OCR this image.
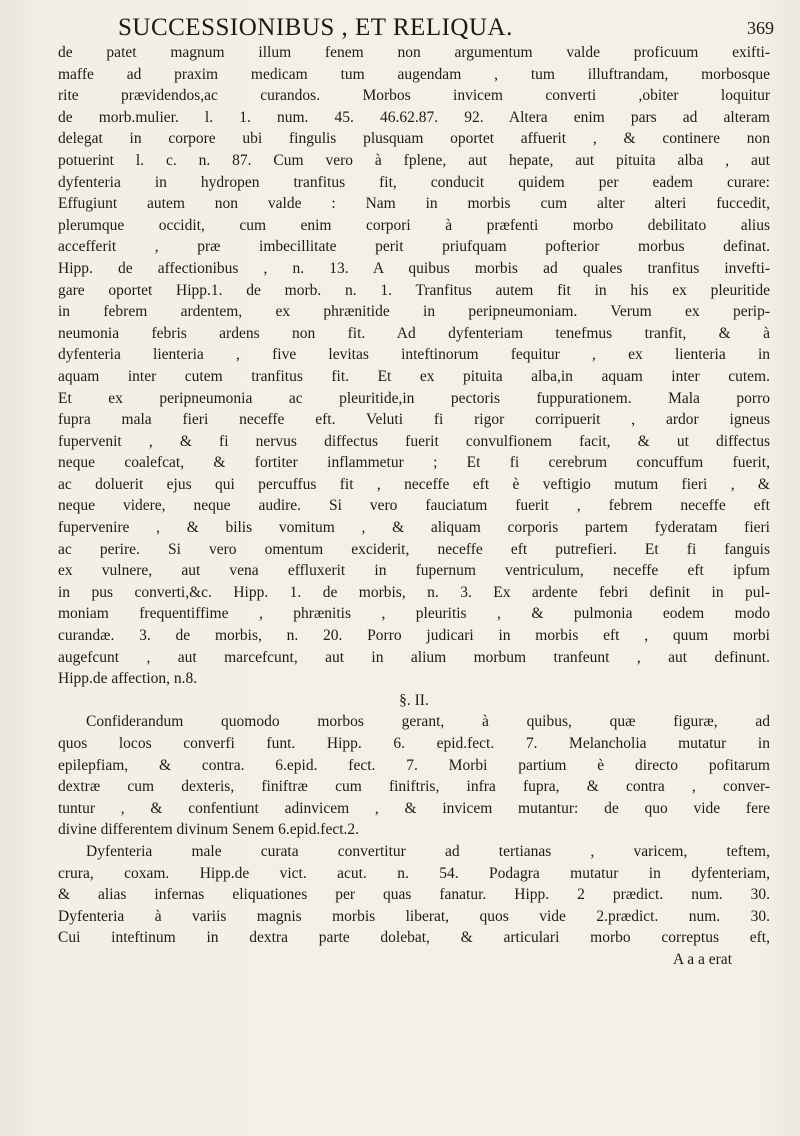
SUCCESSIONIBUS , ET RELIQUA.	369
de patet magnum illum fenem non argumentum valde proficuum exifti-
maffe ad praxim medicam tum augendam , tum illuftrandam, morbosque
rite prævidendos,ac curandos. Morbos invicem converti ,obiter loquitur
de morb.mulier. l. 1. num. 45. 46.62.87. 92. Altera enim pars ad alteram
delegat in corpore ubi fingulis plusquam oportet affuerit , & continere non
potuerint l. c. n. 87. Cum vero à fplene, aut hepate, aut pituita alba , aut
dyfenteria in hydropen tranfitus fit, conducit quidem per eadem curare:
Effugiunt autem non valde : Nam in morbis cum alter alteri fuccedit,
plerumque occidit, cum enim corpori à præfenti morbo debilitato alius
accefferit , præ imbecillitate perit priufquam pofterior morbus definat.
Hipp. de affectionibus , n. 13. A quibus morbis ad quales tranfitus invefti-
gare oportet Hipp.1. de morb. n. 1. Tranfitus autem fit in his ex pleuritide
in febrem ardentem, ex phrænitide in peripneumoniam. Verum ex perip-
neumonia febris ardens non fit. Ad dyfenteriam tenefmus tranfit, & à
dyfenteria lienteria , five levitas inteftinorum fequitur , ex lienteria in
aquam inter cutem tranfitus fit. Et ex pituita alba,in aquam inter cutem.
Et ex peripneumonia ac pleuritide,in pectoris fuppurationem. Mala porro
fupra mala fieri neceffe eft. Veluti fi rigor corripuerit , ardor igneus
fupervenit , & fi nervus diffectus fuerit convulfionem facit, & ut diffectus
neque coalefcat, & fortiter inflammetur ; Et fi cerebrum concuffum fuerit,
ac doluerit ejus qui percuffus fit , neceffe eft è veftigio mutum fieri , &
neque videre, neque audire. Si vero fauciatum fuerit , febrem neceffe eft
fupervenire , & bilis vomitum , & aliquam corporis partem fyderatam fieri
ac perire. Si vero omentum exciderit, neceffe eft putrefieri. Et fi fanguis
ex vulnere, aut vena effluxerit in fupernum ventriculum, neceffe eft ipfum
in pus converti,&c. Hipp. 1. de morbis, n. 3. Ex ardente febri definit in pul-
moniam frequentiffime , phrænitis , pleuritis , & pulmonia eodem modo
curandæ. 3. de morbis, n. 20. Porro judicari in morbis eft , quum morbi
augefcunt , aut marcefcunt, aut in alium morbum tranfeunt , aut definunt.
Hipp.de affection, n.8.
§. II.
Confiderandum quomodo morbos gerant, à quibus, quæ figuræ, ad
quos locos converfi funt. Hipp. 6. epid.fect. 7. Melancholia mutatur in
epilepfiam, & contra. 6.epid. fect. 7. Morbi partium è directo pofitarum
dextræ cum dexteris, finiftræ cum finiftris, infra fupra, & contra , conver-
tuntur , & confentiunt adinvicem , & invicem mutantur: de quo vide fere
divine differentem divinum Senem 6.epid.fect.2.
Dyfenteria male curata convertitur ad tertianas , varicem, teftem,
crura, coxam. Hipp.de vict. acut. n. 54. Podagra mutatur in dyfenteriam,
& alias infernas eliquationes per quas fanatur. Hipp. 2 prædict. num. 30.
Dyfenteria à variis magnis morbis liberat, quos vide 2.prædict. num. 30.
Cui inteftinum in dextra parte dolebat, & articulari morbo correptus eft,
A a a erat
